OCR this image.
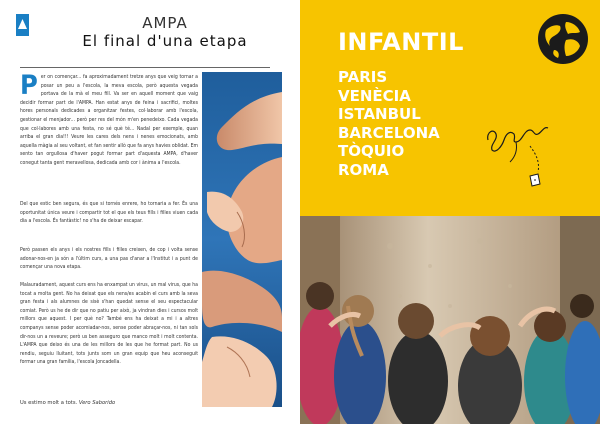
AMPA
El final d'una etapa
P er on començar... fa aproximadament tretze anys que veig tornar a posar un peu a l'escola, la meva escola, però aquesta vegada portava de la mà el meu fill. Va ser en aquell moment que vaig decidir formar part de l'AMPA. Han estat anys de feina i sacrifici, moltes hores personals dedicades a organitzar festes, col·laborar amb l'escola, gestionar el menjador... però per res del món m'en penedeixo. Cada vegada que col·labores amb una festa, no sé què té... Nadal per exemple, quan arriba el gran dia!!! Veure les cares dels nens i nenes emocionats, amb aquella màgia al seu voltant, et fan sentir allò que fa anys havies oblidat. Em sento tan orgullosa d'haver pogut formar part d'aquesta AMPA, d'haver conegut tanta gent meravellosa, dedicada amb cor i ànima a l'escola.
Del que estic ben segura, és que si tornés enrere, ho tornaria a fer. És una oportunitat única veure i compartir tot el que els teus fills i filles viuen cada dia a l'escola. És fantàstic! no s'ha de deixar escapar.
Però passen els anys i els nostres fills i filles creixen, de cop i volta sense adonar-nos-en ja són a l'últim curs, a una pas d'anar a l'Institut i a punt de començar una nova etapa.
Malauradament, aquest curs ens ha enxampat un virus, un mal virus, que ha tocat a molta gent. No ha deixat que els nens/es acabin el curs amb la seva gran festa i als alumnes de sisè s'han quedat sense el seu espectacular comiat. Però us he de dir que no patiu per això, ja vindran dies i cursos molt millors que aquest. I per què no? També ens ha deixat a mi i a altres companys sense poder acomiadar-nos, sense poder abraçar-nos, ni tan sols dir-nos un a reveure; però us ben asseguro que manco molt i molt contenta. L'AMPA que deixo és una de les millors de les que he format part. No us rendiu, seguiu lluitant, tots junts som un gran equip que heu aconseguit formar una gran família, l'escola Joncadella.
Us estimo molt a tots. Vero Saborido
INFANTIL
PARIS
VENÈCIA
ISTANBUL
BARCELONA
TÒQUIO
ROMA
